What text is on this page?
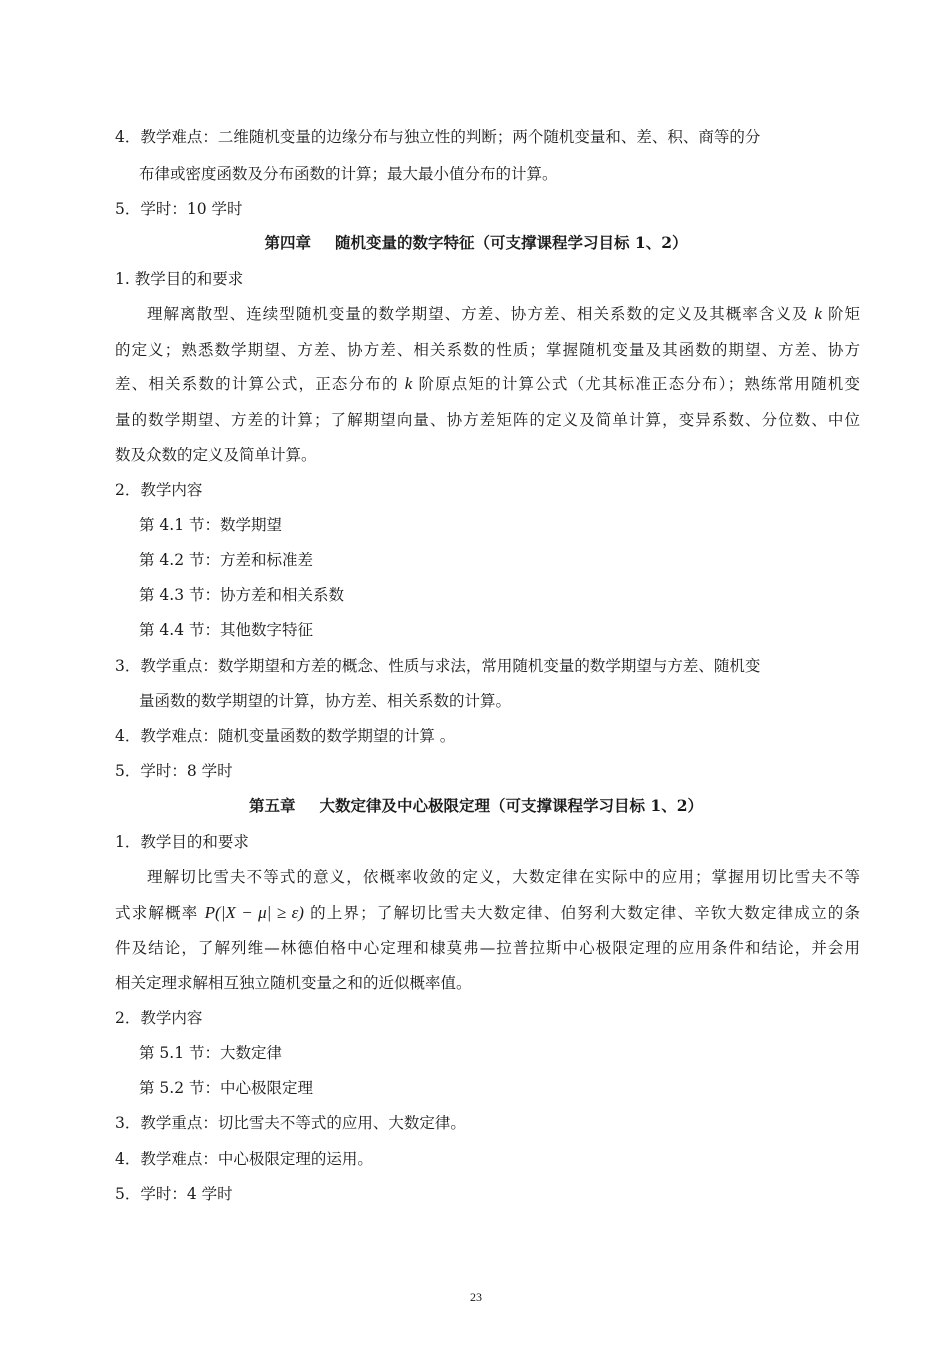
4．教学难点：二维随机变量的边缘分布与独立性的判断；两个随机变量和、差、积、商等的分
布律或密度函数及分布函数的计算；最大最小值分布的计算。
5．学时：10 学时
第四章 随机变量的数字特征（可支撑课程学习目标 1、2）
1. 教学目的和要求
理解离散型、连续型随机变量的数学期望、方差、协方差、相关系数的定义及其概率含义及 k 阶矩
的定义；熟悉数学期望、方差、协方差、相关系数的性质；掌握随机变量及其函数的期望、方差、协方
差、相关系数的计算公式，正态分布的 k 阶原点矩的计算公式（尤其标准正态分布）；熟练常用随机变
量的数学期望、方差的计算；了解期望向量、协方差矩阵的定义及简单计算，变异系数、分位数、中位
数及众数的定义及简单计算。
2．教学内容
第 4.1 节：数学期望
第 4.2 节：方差和标准差
第 4.3 节：协方差和相关系数
第 4.4 节：其他数字特征
3．教学重点：数学期望和方差的概念、性质与求法，常用随机变量的数学期望与方差、随机变
量函数的数学期望的计算，协方差、相关系数的计算。
4．教学难点：随机变量函数的数学期望的计算 。
5．学时：8 学时
第五章 大数定律及中心极限定理（可支撑课程学习目标 1、2）
1．教学目的和要求
理解切比雪夫不等式的意义，依概率收敛的定义，大数定律在实际中的应用；掌握用切比雪夫不等
式求解概率 P(|X − μ| ≥ ε) 的上界；了解切比雪夫大数定律、伯努利大数定律、辛钦大数定律成立的条
件及结论，了解列维—林德伯格中心定理和棣莫弗—拉普拉斯中心极限定理的应用条件和结论，并会用
相关定理求解相互独立随机变量之和的近似概率值。
2．教学内容
第 5.1 节：大数定律
第 5.2 节：中心极限定理
3．教学重点：切比雪夫不等式的应用、大数定律。
4．教学难点：中心极限定理的运用。
5．学时：4 学时
23
